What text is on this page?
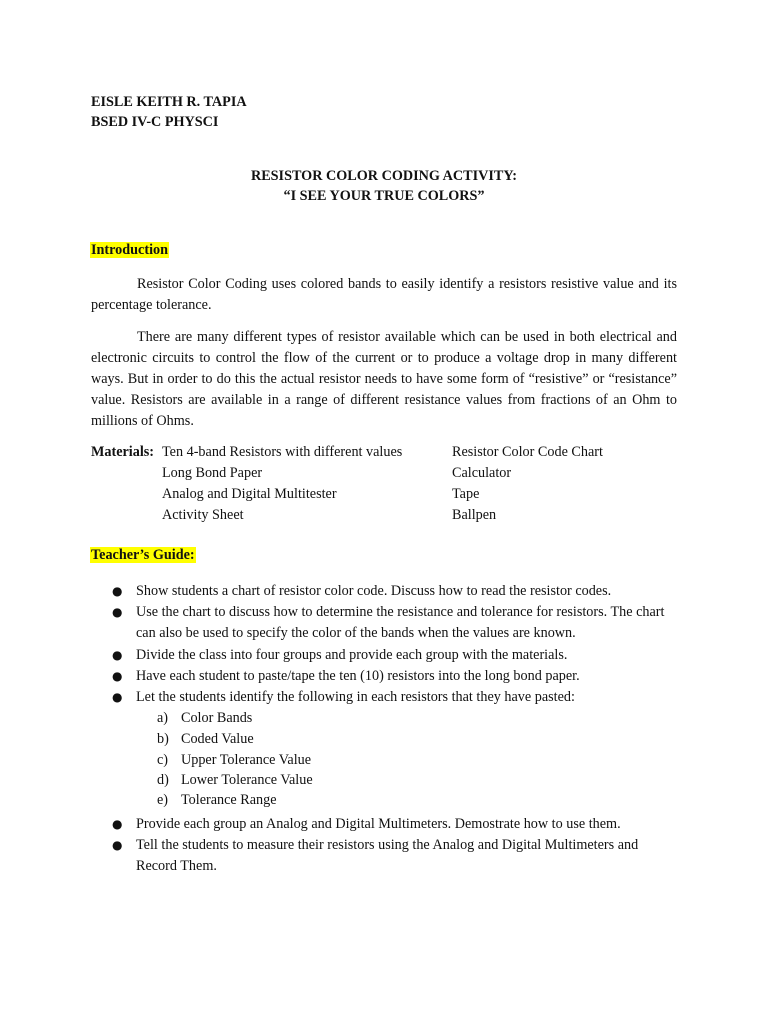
EISLE KEITH R. TAPIA
BSED IV-C PHYSCI
RESISTOR COLOR CODING ACTIVITY:
“I SEE YOUR TRUE COLORS”
Introduction
Resistor Color Coding uses colored bands to easily identify a resistors resistive value and its percentage tolerance.
There are many different types of resistor available which can be used in both electrical and electronic circuits to control the flow of the current or to produce a voltage drop in many different ways. But in order to do this the actual resistor needs to have some form of “resistive” or “resistance” value. Resistors are available in a range of different resistance values from fractions of an Ohm to millions of Ohms.
Materials: Ten 4-band Resistors with different values
Long Bond Paper
Analog and Digital Multitester
Activity Sheet
Resistor Color Code Chart
Calculator
Tape
Ballpen
Teacher’s Guide:
● Show students a chart of resistor color code. Discuss how to read the resistor codes.
● Use the chart to discuss how to determine the resistance and tolerance for resistors. The chart can also be used to specify the color of the bands when the values are known.
● Divide the class into four groups and provide each group with the materials.
● Have each student to paste/tape the ten (10) resistors into the long bond paper.
● Let the students identify the following in each resistors that they have pasted:
a) Color Bands
b) Coded Value
c) Upper Tolerance Value
d) Lower Tolerance Value
e) Tolerance Range
● Provide each group an Analog and Digital Multimeters. Demostrate how to use them.
● Tell the students to measure their resistors using the Analog and Digital Multimeters and Record Them.
